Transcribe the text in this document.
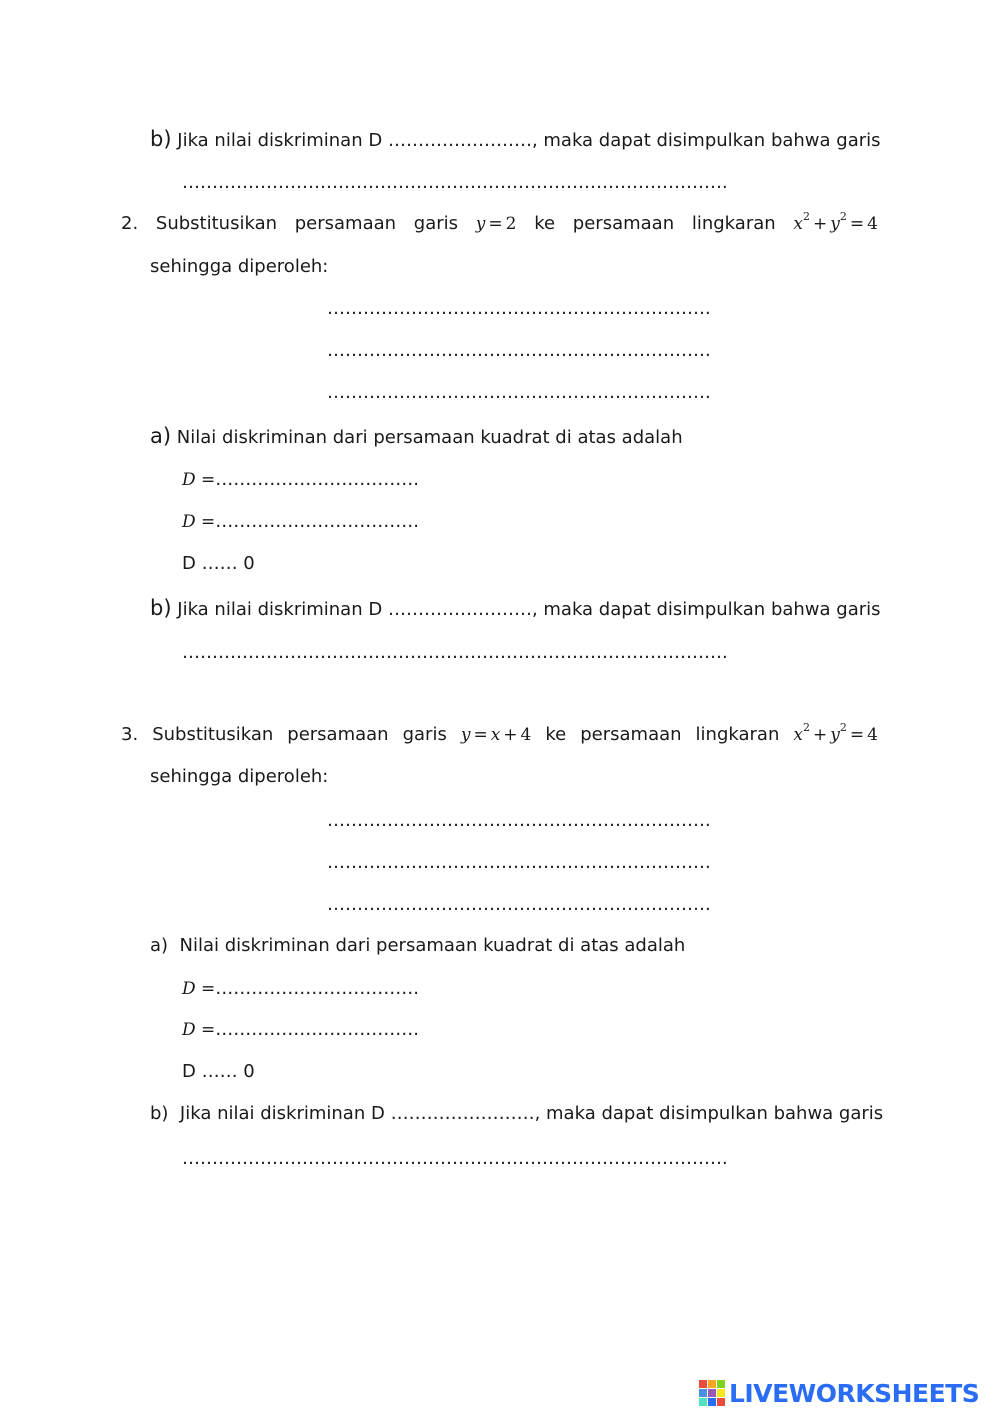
b) Jika nilai diskriminan D ……………………, maka dapat disimpulkan bahwa garis
……………………………………………………………………………….
2. Substitusikan persamaan garis y = 2 ke persamaan lingkaran $x^2 + y^2 = 4$
sehingga diperoleh:
……………………………………………………….
……………………………………………………….
……………………………………………………….
a) Nilai diskriminan dari persamaan kuadrat di atas adalah
D =…………………………….
D =…………………………….
D …… 0
b) Jika nilai diskriminan D ……………………, maka dapat disimpulkan bahwa garis
……………………………………………………………………………….
3. Substitusikan persamaan garis y = x + 4 ke persamaan lingkaran $x^2 + y^2 = 4$
sehingga diperoleh:
……………………………………………………….
……………………………………………………….
……………………………………………………….
a) Nilai diskriminan dari persamaan kuadrat di atas adalah
D =…………………………….
D =…………………………….
D …… 0
b) Jika nilai diskriminan D ……………………, maka dapat disimpulkan bahwa garis
……………………………………………………………………………….
LIVEWORKSHEETS
